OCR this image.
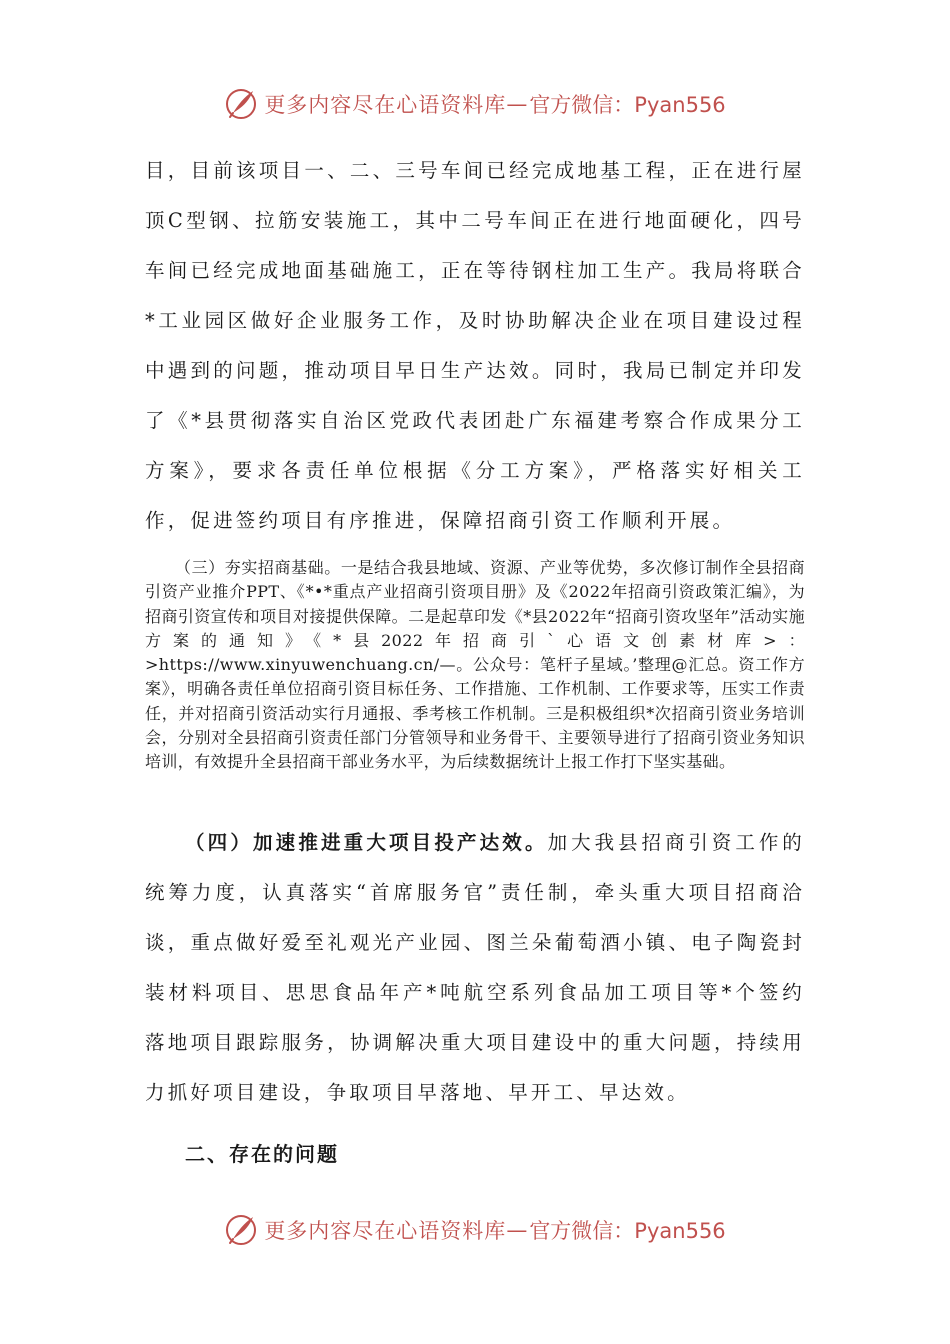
更多内容尽在心语资料库 — 官方微信：Pyan556

目，目前该项目一、二、三号车间已经完成地基工程，正在进行屋顶C型钢、拉筋安装施工，其中二号车间正在进行地面硬化，四号车间已经完成地面基础施工，正在等待钢柱加工生产。我局将联合*工业园区做好企业服务工作，及时协助解决企业在项目建设过程中遇到的问题，推动项目早日生产达效。同时，我局已制定并印发了《*县贯彻落实自治区党政代表团赴广东福建考察合作成果分工方案》，要求各责任单位根据《分工方案》，严格落实好相关工作，促进签约项目有序推进，保障招商引资工作顺利开展。

（三）夯实招商基础。一是结合我县地域、资源、产业等优势，多次修订制作全县招商引资产业推介PPT、《*•*重点产业招商引资项目册》及《2022年招商引资政策汇编》，为招商引资宣传和项目对接提供保障。二是起草印发《*县2022年“招商引资攻坚年”活动实施方案的通知》《*县2022年招商引`心语文创素材库>：>https://www.xinyuwenchuang.cn/—。公众号：笔杆子星域。’整理@汇总。资工作方案》，明确各责任单位招商引资目标任务、工作措施、工作机制、工作要求等，压实工作责任，并对招商引资活动实行月通报、季考核工作机制。三是积极组织*次招商引资业务培训会，分别对全县招商引资责任部门分管领导和业务骨干、主要领导进行了招商引资业务知识培训，有效提升全县招商干部业务水平，为后续数据统计上报工作打下坚实基础。

（四）加速推进重大项目投产达效。加大我县招商引资工作的统筹力度，认真落实“首席服务官”责任制，牵头重大项目招商洽谈，重点做好爱至礼观光产业园、图兰朵葡萄酒小镇、电子陶瓷封装材料项目、思思食品年产*吨航空系列食品加工项目等*个签约落地项目跟踪服务，协调解决重大项目建设中的重大问题，持续用力抓好项目建设，争取项目早落地、早开工、早达效。

二、存在的问题
更多内容尽在心语资料库 — 官方微信：Pyan556
